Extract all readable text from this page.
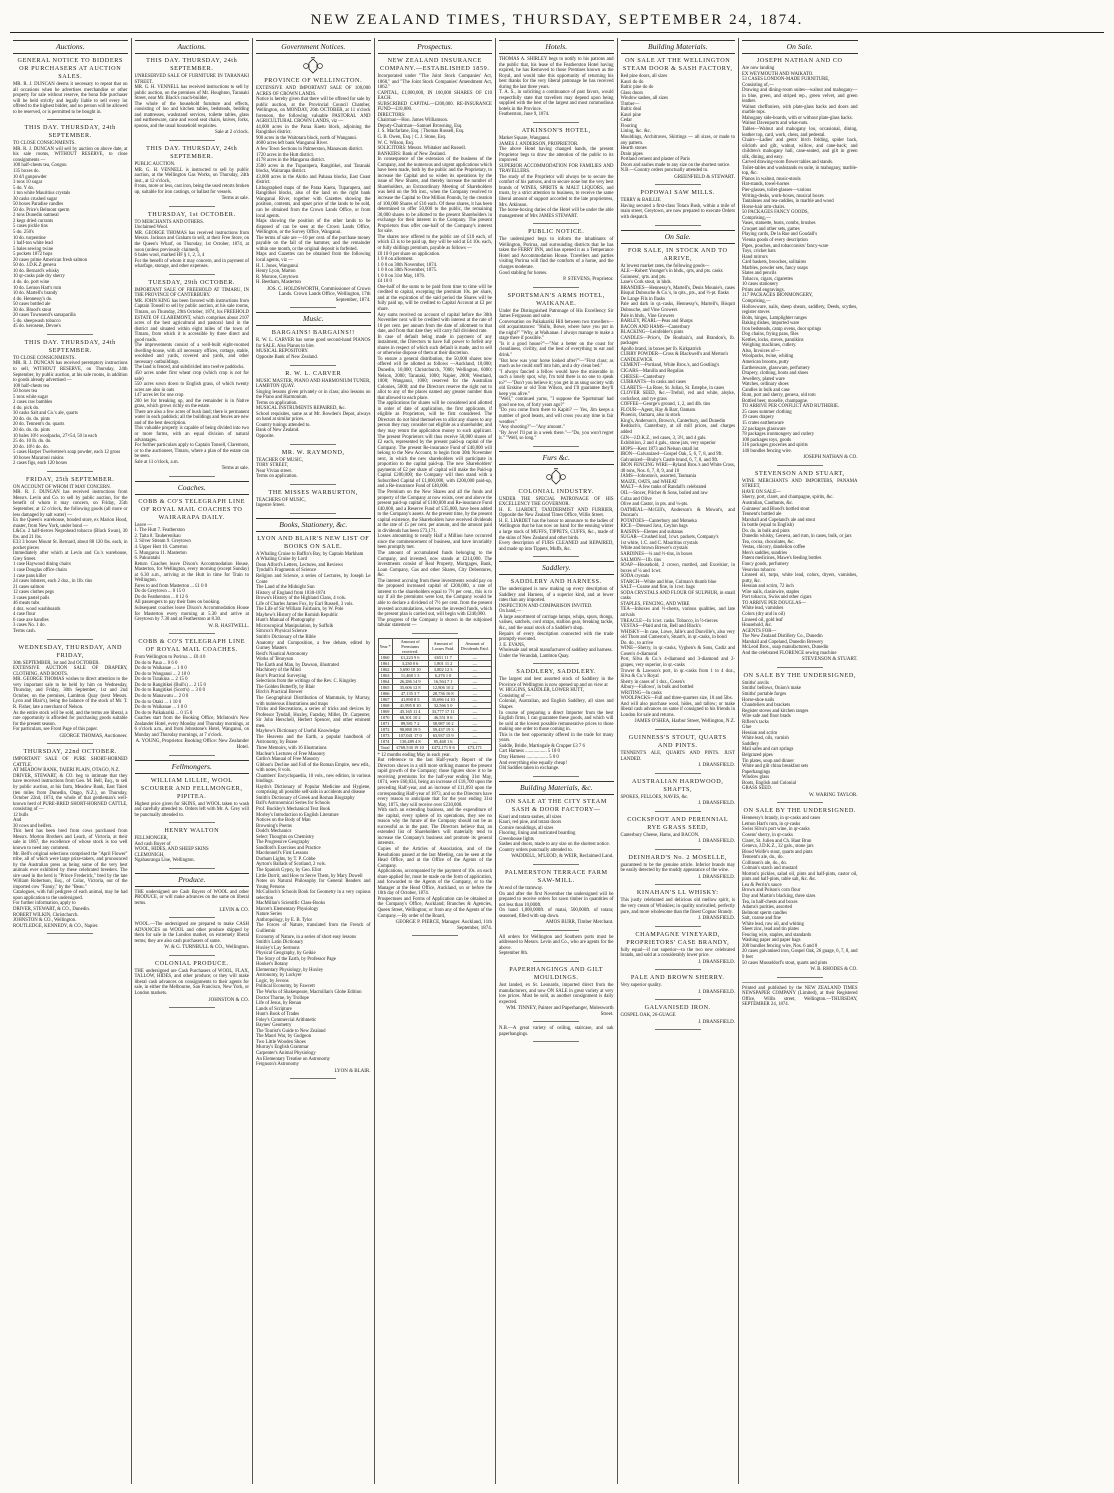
NEW ZEALAND TIMES, THURSDAY, SEPTEMBER 24, 1874.
Auctions.
GENERAL NOTICE TO BIDDERS OR PURCHASERS AT AUCTION SALES.
MR. R. J. DUNCAN deems it necessary to repeat that on all occasions when he advertises merchandise or other property for sale without reserve, the bona fide purchaser will be held strictly and legally liable to sell every lot offered to the highest bidder, and no person will be allowed to be reserved, or is permitted to be bought in.
THIS DAY. THURSDAY, 24th SEPTEMBER.
TO CLOSE CONSIGNMENTS.
MR. R. J. DUNCAN will sell by auction on above date, at his sale rooms, WITHOUT RESERVE, to close consignments —
100 half-chests tea, Congou
135 boxes do.
10 d/l gunpowder
3 tons 10 sugar
5 do. Y do.
1 ton white Mauritius crystals
30 casks crushed sugar
50 boxes Paradise candles
50 do. Price's Belmont sperm
2 tons Dunedin oatmeal
2 kegs dried currants
5 cases pickle tins
5 do. 250's
10 do. turpentine
1 half-ton white lead
5 bales sewing twine
5 pockets 1872 hops
20 cases prime American fresh salmon
50 do. J.D.K.Z geneva
10 do. Bernard's whisky
10 qr-casks pale dry sherry
4 do. do. port wine
10 do. Lemon Hart's rum
10 do. Martell's brandy
4 do. Hennessy's do.
50 cases bottled ale
30 do. Blood's stout
20 cases Townsend's sarsaparilla
5 do. sheepwash tobacco
45 do. kerosene, Devoe's
THIS DAY. THURSDAY, 24th SEPTEMBER.
TO CLOSE CONSIGNMENTS.
MR. R. J. DUNCAN has received peremptory instructions to sell, WITHOUT RESERVE, on Thursday, 24th September, by public auction, at his sale rooms, in addition to goods already advertised —
100 half-chests tea
50 boxes tea
5 tons white sugar
2 cases raw bambles
4 do. pick do.
30 casks Salt and Co.'s ale, quarts
20 do. do. do. pints
20 do. Tennent's do. quarts
20 do. do. do. pints
10 bales 10½ woolpacks, 27×54, 50 in each
25 do. 10 lb. do. do.
20 do. 10½ do. do.
5 cases Harper Twelvetree's soap powder, each 12 gross
10 boxes Macaroni raisins
2 cases figs, each 120 boxes
FRIDAY, 25th SEPTEMBER.
ON ACCOUNT OF WHOM IT MAY CONCERN.
MR. R. J. DUNCAN has received instructions from Messrs. Levin and Co. to sell by public auction, for the benefit of whom it may concern, on Friday, 25th September, at 12 o'clock, the following goods (all more or less damaged by salt water) —
Ex the Queen's warehouse, bonded store, ex Marion Hood, master, from New York, under bond —
L&Co. 2 half-tierces Negrohead tobacco (Black Swan), 30 lbs. and 21 lbs.
E33 3 boxes Mount St. Bernard, about 88 120 lbs. each, in pocket pieces
Immediately after which at Levin and Co.'s warehouse, Grey Street.
1 case Haywood dining chairs
1 case Douglas office chairs
1 case pans killer
24 cases lobsters, each 2 doz., in 1lb. tins
21 cases salmon
12 cases clothes pegs
3 cases pastel pails
46 meats tubs
4 doz. wood washboards
4 case flour
6 case axe handles
3 cases No. 1 do.
Terms cash.
WEDNESDAY, THURSDAY, AND FRIDAY,
30th SEPTEMBER, 1st and 2nd OCTOBER.
EXTENSIVE AUCTION SALE OF DRAPERY, CLOTHING, AND BOOTS.
MR. GEORGE THOMAS wishes to direct attention to the very important sale to be held by him on Wednesday, Thursday, and Friday, 30th September, 1st and 2nd October, on the premises, Lambton Quay (next Messrs. Lyon and Blair's), being the balance of the stock of Mr. T. R. Fisher, late a merchant of Nelson.
As the entire stock will be sold, and the terms are liberal, a rare opportunity is afforded for purchasing goods suitable for the present season.
For particulars, see Front Page of this paper.
GEORGE THOMAS, Auctioneer.
THURSDAY, 22nd OCTOBER.
IMPORTANT SALE OF PURE SHORT-HORNED CATTLE.
AT MEADOW BANK, TAIERI PLAIN, OTAGO, N.Z.
DRIVER, STEWART, & CO. beg to intimate that they have received instructions from Geo. M. Bell, Esq., to sell by public auction, at his farm, Meadow Bank, East Taieri (ten miles from Dunedin, Otago, N.Z.), on Thursday, October 22nd, 1874, the whole of that gentleman's well-known herd of PURE-BRED SHORT-HORNED CATTLE, consisting of —
12 bulls
And
30 cows and heifers.
This herd has been bred from cows purchased from Messrs. Morton Brothers and Leach, of Victoria, at their sale in 1867, the excellence of whose stock is too well known to need any comment.
Mr. Bell's original selections comprised the "April Flower" tribe, all of which were large prize-takers, and pronounced by the Australian press as being some of the very best animals ever exhibited by these celebrated breeders. The sire used in the herd is "Prince Frederick," bred by the late William Robertson, Esq., of Colac, Victoria, out of the imported cow "Fanny," by the "Beau."
Catalogues, with full pedigree of each animal, may be had upon application to the undersigned.
For further information, apply to
DRIVER, STEWART, & CO., Dunedin.
ROBERT WILKIN, Christchurch.
JOHNSTON & CO., Wellington.
ROUTLEDGE, KENNEDY, & CO., Napier.
Auctions.
THIS DAY. THURSDAY, 24th SEPTEMBER.
UNRESERVED SALE OF FURNITURE IN TARANAKI STREET.
MR. G. H. VENNELL has received instructions to sell by public auction, on the premises of Mr. Houghton, Taranaki Street, near Mr. Black's coach-builder,
The whole of the household furniture and effects, consisting of loo and kitchen tables, bedsteads, bedding and mattresses, washstand services, toilette tables, glass and earthenware, cane and wood seat chairs, knives, forks, spoons, and the usual household requisites.
Sale at 2 o'clock.
THIS DAY. THURSDAY, 24th SEPTEMBER.
PUBLIC AUCTION.
MR. G. H. VENNELL is instructed to sell by public auction, at the Wellington Gas Works, on Thursday, 24th inst., at 12 o'clock,
8 tons, more or less, cast iron, being the used retorts broken up, suitable for iron castings, or ballast for vessels.
Terms at sale.
THURSDAY, 1st OCTOBER.
TO MERCHANTS AND OTHERS.
Unclaimed Wool.
MR. GEORGE THOMAS has received instructions from Messrs. Jackson and Graham to sell, at their Free Store, on the Queen's Wharf, on Thursday, 1st October, 1874, at noon (unless previously claimed),
6 bales wool, marked HF § 1, 2, 3, 4
For the benefit of whom it may concern, and in payment of wharfage, storage, and other expenses.
TUESDAY, 29th OCTOBER.
IMPORTANT SALE OF FREEHOLD AT TIMARU, IN THE PROVINCE OF CANTERBURY.
MR. JOHN KING has been favored with instructions from Captain Tonsell to sell by public auction, at his sale rooms, Timaru, on Thursday, 29th October, 1874, his FREEHOLD ESTATE OF CLAREMONT, which comprises about 2107 acres of the best agricultural and pastoral land in the district and situated within eight miles of the town of Timaru, from which it is accessible by three direct and good roads.
The improvements consist of a well-built eight-roomed dwelling-house, with all necessary offices, cottage, stable, woolshed and yards, covered and yards, and other necessary outbuildings.
The land is fenced, and subdivided into twelve paddocks.
450 acres under first wheat crop (which crop is not for sale)
550 acres sown down to English grass, of which twenty acres are also in oats
147 acres let for one crop
200 let for breaking up, and the remainder is in Native grass, which grows richly on the estate.
There are also a few acres of bush land; there is permanent water in each paddock; all the buildings and fences are new and of the best description.
This valuable property is capable of being divided into two or more farms, with an equal division of natural advantages.
For further particulars apply to Captain Tonsell, Claremont, or to the auctioneer, Timaru, where a plan of the estate can be seen.
Sale at 11 o'clock, a.m.
Terms at sale.
Coaches.
COBB & CO'S TELEGRAPH LINE OF ROYAL MAIL COACHES TO WAIRARAPA DAILY.
Leave —
1. The Hutt 7. Featherston
2. Taita 8. Tauherenikau
3. Silver Stream 9. Greytown
4. Upper Hutt 10. Carterton
5. Mungaroa 11. Masterton
6. Pakuratahi
Return Coaches leave Dixon's Accommodation House, Masterton, for Wellington, every morning (except Sunday) at 6.30 a.m., arriving at the Hutt in time for Train to Wellington.
Fares to and from Masterton ... £1 0 0
Do do Greytown ... 0 15 0
Do do Featherston ... 0 12 6
All passengers to pay their fares on booking.
Subsequent coaches leave Dixon's Accommodation House for Masterton every morning at 5.30 and arrive at Greytown by 7.30 and at Featherston at 8.30.
W. R. HASTWELL.
COBB & CO'S TELEGRAPH LINE OF ROYAL MAIL COACHES.
From Wellington to Porirua ... £0 4 0
Do do to Paua ... 0 6 0
Do do to Waikanae ... 1 0 0
Do do to Wanganui ... 2 10 0
Do do to Turakina ... 2 15 0
Do do to Rangitikei (Bull's) ... 2 15 0
Do do to Rangitikei (Scott's) ... 3 0 0
Do do to Manawatu ... 2 0 0
Do do to Otaki ... 1 10 0
Do do to Waikanae ... 1 0 0
Do do to Paikakariki ... 0 15 0
Coaches start from the Booking Office, McIntosh's New Zealander Hotel, every Monday and Thursday mornings, at 6 o'clock a.m., and from Johnstone's Hotel, Wanganui, on Monday and Thursday mornings, at 7 o'clock.
A. YOUNG, Proprietor. Booking Office: New Zealander Hotel.
Fellmongers.
WILLIAM LILLIE, WOOL SCOURER AND FELLMONGER, PIPITEA.
Highest price given for SKINS, and WOOL taken to wash and carefully attended to. Orders left with Mr. A. Grey will be punctually attended to.
HENRY WALTON
FELLMONGER,
And cash Buyer of
WOOL, HIDES, AND SHEEP SKINS
CLEMONIGH,
Ngahauranga Line, Wellington.
Produce.
THE undersigned are Cash Buyers of WOOL and other PRODUCE, or will make advances on the same on liberal terms.
LEVIN & CO.
WOOL.—The undersigned are prepared to make CASH ADVANCES on WOOL and other produce shipped by them for sale in the London market, on extremely liberal terms; they are also cash purchasers of same.
W. & G. TURNBULL & CO., Wellington.
COLONIAL PRODUCE.
THE undersigned are Cash Purchasers of WOOL, FLAX, TALLOW, HIDES, and other produce; or they will make liberal cash advances on consignments to their agents for sale, in either the Melbourne, San Francisco, New York, or London markets.
JOHNSTON & CO.
Government Notices.
PROVINCE OF WELLINGTON.
EXTENSIVE AND IMPORTANT SALE OF 100,000 ACRES OF CROWN LANDS.
Notice is hereby given that there will be offered for sale by public auction, at the Provincial Council Chamber, Wellington, on MONDAY, 26th OCTOBER, at 11 o'clock forenoon, the following valuable PASTORAL AND AGRICULTURAL CROWN LANDS, viz —
44,000 acres in the Paraa Kaetu block, adjoining the Rangitikei district.
900 acres in the Waitotara block, north of Wanganui.
4600 acres left bank Wanganui River.
A few Town Sections in Palmerston, Manawatu district.
1720 acres in the Hutt district.
4178 acres in the Mangaroa district.
2500 acres in the Tuparapera, Rangitikei, and Taranaki blocks, Wairarapa district.
43,000 acres in the Akitio and Pahaua blocks, East Coast district.
Lithographed maps of the Paraa Kaetu, Tuparapera, and Rangitikei blocks, also of the land on the right bank Wanganui River, together with Gazettes showing the position, contents, and upset price of the lands to be sold, can be obtained from the Crown Lands Office, or from local agents.
Maps showing the position of the other lands to be disposed of can be seen at the Crown Lands Office, Wellington, or the Survey Office, Wanganui.
The terms of sale are —10 per cent. of the purchase money payable on the fall of the hammer, and the remainder within one month, or the original deposit is forfeited.
Maps and Gazettes can be obtained from the following local agents, viz —
H. I. Jones, Wanganui
Henry Lyon, Marton
R. Monroe, Greytown
H. Beetham, Masterton
JOS. C. HOLDSWORTH, Commissioner of Crown Lands. Crown Lands Office, Wellington, 17th September, 1874.
Music.
BARGAINS! BARGAINS!!
R. W. L. CARVER has some good second-hand PIANOS for SALE. Also Pianos to hire.
MUSICAL REPOSITORY.
Opposite Bank of New Zealand.
R. W. L. CARVER
MUSIC MASTER, PIANO AND HARMONIUM TUNER, LAMBTON QUAY.
Singing lessons given privately or in class; also lessons on the Piano and Harmonium.
Terms on application.
MUSICAL INSTRUMENTS REPAIRED, &c.
School requisites, same as at Mr. Bowden's Depot, always on hand at similar prices.
Country tunings attended to.
Bank of New Zealand.
Opposite.
MR. W. RAYMOND,
TEACHER OF MUSIC,
TORY STREET,
Near Vivian street.
Terms on application.
THE MISSES WARBURTON,
TEACHERS OF MUSIC,
Ingestre Street.
Books, Stationery, &c.
LYON AND BLAIR'S NEW LIST OF BOOKS ON SALE.
A Whaling Cruise to Baffin's Bay, by Captain Markham
A Whaling Cruise by Lord
Dean Alford's Letters, Lectures, and Reviews
Tyndall's Fragments of Science
Religion and Science, a series of Lectures, by Joseph Le Conte
The Land of the Midnight Sun
History of England from 1830-1874
Brown's History of the Highland Clans, 4 vols.
Life of Charles James Fox, by Earl Russell, 3 vols.
The Life of Sir William Fairbairn, by W. Pole
Mayhew's History of the Romish Republic
Hunt's Manual of Photography
Microscopical Manipulation, by Suffolk
Simcox's Physical Science
Smith's Dictionary of the Bible
Anatomy and Composition, a free debate, edited by Gurney Masters
Reid's Nautical Astronomy
Works of Tennyson
The Earth and Man, by Dawson, illustrated
Machinery of the Mind
Burr's Practical Surveying
Selections from the writings of the Rev. C. Kingsley
The Golden Butterfly, by Blair
Birch's Practical Brewer
The Geographical Distribution of Mammals, by Murray, with numerous illustrations and maps
Tricks and Recreations, a series of tricks and devices by Professor Tyndall, Huxley, Faraday, Miller, Dr. Carpenter, Sir John Herschell, Herbert Spencer, and other eminent men.
Mayhew's Dictionary of Useful Knowledge
The Heavens and the Earth, a popular handbook of Astronomy, by Boase
Three Memoirs, with 16 illustrations
Maclear's Lectures of Free Masonry
Catlin's Manual of Free Masonry
Gibbon's Decline and Fall of the Roman Empire, new edit., with notes, 8 vols.
Chambers' Encyclopaedia, 10 vols., new edition, in various bindings.
Haydn's Dictionary of Popular Medicine and Hygiene, comprising all possible self-aids in accidents and disease
Smith's Dictionary of Greek and Roman Biography
Ball's Astronomical Series for Schools
Prof. Buckley's Mechanical Text Book
Morley's Introduction to English Literature
Notices on the Body of Man
Browning's Poems
Dodd's Mechanics
Select Thoughts on Chemistry
The Progressive Geography
Sandford's Exercises and Practice
Macdonnell's First Lessons
Durham Lights, by T. P. Cobbe
Ayrton's Ballads of Scotland, 2 vols.
The Spanish Gypsy, by Geo. Eliot
Little Dorrit, and How to Serve Them, by Mary Dowell
Notes on Natural Philosophy for General Readers and Young Persons
McCulloch's Schools Book for Geometry in a very copious selection
MacMillan's Scientific Class-Books
Marcet's Elementary Physiology
Nature Series
Anthropology, by E. B. Tylor
The Forces of Nature, translated from the French of Guillemin
Economy of Nature, in a series of short easy lessons
Smith's Latin Dictionary
Huxley's Lay Sermons
Physical Geography, by Geikie
The Story of the Earth, by Professor Page
Hooker's Botany
Elementary Physiology, by Huxley
Astronomy, by Lockyer
Logic, by Jevons
Political Economy, by Fawcett
The Works of Shakespeare, Macmillan's Globe Edition
Doctor Thorne, by Trollope
Life of Jesus, by Renan
Lands of Scripture
Hunt's Book of Trades
Foley's Commercial Arithmetic
Baynes' Geometry
The Tourist's Guide to New Zealand
The Maori War, by Gudgeon
Two Little Wooden Shoes
Murray's English Grammar
Carpenter's Animal Physiology
An Elementary Treatise on Astronomy
Ferguson's Astronomy
LYON & BLAIR.
Prospectus.
NEW ZEALAND INSURANCE COMPANY.—ESTABLISHED 1859.
Incorporated under "The Joint Stock Companies' Act, 1860," and "The Joint Stock Companies' Amendment Act, 1862."
CAPITAL, £1,000,000, IN 100,000 SHARES OF £10 EACH.
SUBSCRIBED CAPITAL—£200,000. RE-INSURANCE FUND—£10,000.
DIRECTORS:
Chairman—Hon. James Williamson.
Deputy-Chairman—Samuel Browning, Esq.
J. S. Macfarlane, Esq. | Thomas Russell, Esq.
G. B. Owen, Esq. | C. J. Stone, Esq.
W. C. Wilson, Esq.
SOLICITORS: Messrs. Whitaker and Russell.
BANKERS: Bank of New Zealand.
In consequence of the extension of the business of the Company, and the numerous and urgent applications which have been made, both by the public and the Proprietary, to increase the Capital and so widen its operations by the issue of New Shares, and thereby increase the number of Shareholders, an Extraordinary Meeting of Shareholders was held on the 9th inst., when the Company resolved to increase the Capital to One Million Pounds, by the creation of 100,000 Shares of £10 each. Of these shares, it has been determined to offer 50,000 to the public, the remaining 30,000 shares to be allotted to the present Shareholders in exchange for their interest in the Company. The present Proprietors thus offer one-half of the Company's interest for sale.
The shares now offered to the public are of £10 each, of which £3 is to be paid up, they will be sold at £4 10s. each, or fully shillings premium, payable as follows —
£0 10 0 per share on application.
1 0 0 on allotment.
1 0 0 on 30th November, 1874.
1 0 0 on 30th November, 1875.
1 0 0 on 31st May, 1876.
£4 10 0
One-half of the sums to be paid from time to time will be credited to capital, excepting the premium 10s. per share, and at the expiration of the said period the Shares will be fully paid up, will be credited to Capital Account at £2 per share.
Any sums received on account of capital before the 30th November next will be credited with interest at the rate of 10 per cent. per annum from the date of allotment to that date, and from that date they will carry full dividend rate.
In case of default being made in payment of any instalment, the Directors to have full power to forfeit any shares in respect of which such default is made, and to sell or otherwise dispose of them at their discretion.
To ensure a general distribution, the 50,000 shares now offered will be allotted as follows —Auckland, 10,000; Dunedin, 10,000; Christchurch, 7000; Wellington, 6000; Nelson, 2000; Taranaki, 1000; Napier, 2000; Westland, 1000; Wanganui, 1000; reserved for the Australian Colonies, 5000; and the Directors reserve the right not to allot to any of the places named any greater number than that allowed to each place.
The applications for shares will be considered and allotted in order of date of application, the first applicants, if eligible as Proprietors, will be first considered. The Directors do not bind themselves to allot any shares to any person they may consider not eligible as a shareholder, and they may return the application money to such applicant. The present Proprietors will thus receive 50,000 shares of £2 each, represented by the present paid-up capital of the Company. The present Re-insurance Fund of £40,000 will belong to the New Account, to begin from 30th November next, in which the new shareholders will participate in proportion to the capital paid-up. The new Shareholders' payments of £2 per share of capital will make the Paid-up Capital £200,000; the Company will then stand with a Subscribed Capital of £1,000,000, with £200,000 paid-up, and a Re-insurance Fund of £40,000.
The Premium on the New Shares and all the funds and property of the Company at now exists, over and above the present paid-up capital of £100,000 and Re-insurance Fund £40,000, and a Reserve Fund of £35,000, have been added to the Company's assets. At the present time, by the present capital existence, the Shareholders have received dividends at the rate of 15 per cent. per annum, and the amount paid in dividends has been £73,171.
Losses amounting to nearly Half a Million have occurred since the commencement of business, and have invariably been promptly met.
The amount of accumulated funds belonging to the Company, and invested, now stands at £214,000. The investments consist of Real Property, Mortgages, Bank, Loan Company, Gas and other Shares, City Debentures, &c.
The interest accruing from these investments would pay on the proposed increased capital of £200,000, a rate of interest to the shareholders equal to 7½ per cent., this is to say if all the premiums were lost, the Company would be able to declare a dividend of 7½ per cent. from the present invested accumulations, whereas the invested funds, which the present plan is carried out, will begin with £240,000.
The progress of the Company is shown in the subjoined tabular statement —
Year.*	Amount of Premiums received.	Amount of Losses Paid.	Amount of Dividends Paid.
1860	£1,223 9 6	£651 11 7	—
1861	3,230 0 6	1,801 11 2	—
1862	5,690 18 10	3,802 12 3	—
1863	11,468 1 3	6,276 1 0	—
1864	26,286 14 9	16,564 7 1	—
1865	35,606 12 8	12,806 10 2	—
1866	47,135 3 7	28,736 16 8	—
1867	41,890 8 5	35,696 14 10	—
1868	41,995 8 10	32,566 5 0	—
1869	45,165 11 4	33,777 17 11	—
1870	68,301 10 2	46,551 8 6	—
1871	89,581 7 2	58,987 10 2	—
1872	98,888 19 5	59,437 19 3	—
1873	107,041 17 0	63,937 15 9	—
1874	130,489 4 8	85,468 1 6	—
Total	£768,530 19 10	£472,171 8 6	£73,171
* 12 months ending May in each year.
But reference to the last Half-yearly Report of the Directors shows in a still more striking manner the present rapid growth of the Company; those figures show it to be receiving premiums for the half-year ending 31st May, 1874, were £60,834, being an increase of £18,700 upon the preceding Half-year, and an increase of £11,093 upon the corresponding Half-year of 1873, and so the Directors have every reason to anticipate that for the year ending 31st May, 1875, they will receive over £230,000.
With such an extending business, and the expenditure of the capital, every sphere of its operations, they see no reason why the future of the Company should not be as successful as in the past. The Directors believe that, an extended list of Shareholders will materially tend to increase the Company's business and promote its general interests.
Copies of the Articles of Association, and of the Resolutions passed at the last Meeting, can be seen at the Head Office, and at the Office of the Agents of the Company.
Applications, accompanied by the payment of 10s. on each share applied for, must be made on the form of application, and forwarded to the Agents of the Company, or to the Manager at the Head Office, Auckland, on or before the 10th day of October, 1874.
Prospectuses and Forms of Application can be obtained at the Company's Office, Auckland; Branches & Agencies, Queen Street, Wellington; or from any of the Agents of the Company.—By order of the Board,
GEORGE P. PIERCE, Manager. Auckland, 11th September, 1874.
Hotels.
THOMAS A. SHIRLEY begs to notify to his patrons and the public that, his lease of the Featherston Hotel having expired, he has Removed to those Premises known as the Royal, and would take this opportunity of returning his best thanks for the very liberal patronage he has received during the last three years.
T. A. S., in soliciting a continuance of past favors, would respectfully state that travellers may depend upon being supplied with the best of the largest and most commodious hotels in the Province.
Featherston, June 9, 1874.
ATKINSON'S HOTEL,
Market Square, Wanganui.
JAMES J. ANDERSON, PROPRIETOR.
The above Hotel having changed hands, the present Proprietor begs to draw the attention of the public to its improved
SUPERIOR ACCOMMODATION FOR FAMILIES AND TRAVELLERS.
The study of the Proprietor will always be to secure the comfort of his patrons, and to secure none but the very best brands of WINES, SPIRITS & MALT LIQUORS, and trusts, by a strict attention to business, to receive the same liberal amount of support accorded to the late proprietress, Mrs. Atkinson.
The horse-boxing duties of the Hotel will be under the able management of Mrs JAMES STEWART.
PUBLIC NOTICE.
The undersigned begs to inform the inhabitants of Wellington, Porirua, and surrounding districts that he has taken the FERRY INN, and has opened it as a Temperance Hotel and Accommodation House. Travellers and parties visiting Porirua will find the comforts of a home, and the charges moderate.
Good stabling for horses.
P. STEVENS, Proprietor.
SPORTSMAN'S ARMS HOTEL, WAIKANAE.
Under the Distinguished Patronage of His Excellency Sir James Fergusson and suite.
Conversation on Paikakariki Hill between two travellers—old acquaintances: "Hullo, Bowe, where have you put in the night?" "Why, at Waikanae. I always manage to make a stage there if possible."
"Is it a good house?"—"Not a better on the coast for cleanliness, civility, and the best of everything to eat and drink."
"But how was your horse looked after?"—"First class; as much as he could stuff into him, and a dry clean bed."
"I always fancied a fellow would have the miserable in such a lonely spot, why, I'm told there is no one to speak to?"—"Don't you believe it; you get in as snug society with old Erskine or old Tom Wilson, and I'll guarantee they'll keep you alive."
"Well," continued yarns, "I suppose the 'Sportsman' had good one too, of forty years ago?"
"Do you come from there to Kapiti? — Yes, Jim keeps a number of good beasts, and will cross you any time in fair weather."
"Any shooting?"—"Any amount."
"By Jove! I'll put in a week there."—"Do, you won't regret it." "Well, so long."
Furs &c.
COLONIAL INDUSTRY.
UNDER THE SPECIAL PATRONAGE OF HIS EXCELLENCY THE GOVERNOR.
H. E. LIARDET, TAXIDERMIST AND FURRIER, Opposite the New Zealand Times Office, Willis Street.
H. E. LIARDET has the honor to announce to the ladies of Wellington that he has now on hand for the ensuing winter a large stock of MUFFS, TIPPETS, CUFFS, &c., made of the skins of New Zealand and other birds.
Every description of FURS CLEANED and REPAIRED, and made up into Tippets, Muffs, &c.
Saddlery.
SADDLERY AND HARNESS.
The undersigned is now making up every description of Saddlery and Harness, of a superior kind, and at lower rates than any imported.
INSPECTION AND COMPARISON INVITED.
On hand,—
A large assortment of carriage lamps, whips, spurs, thongs, valises, satchels, cord straps, stallion gear, breaking tackle, &c., and the usual stock of a Saddler's shop.
Repairs of every description connected with the trade promptly executed.
J. E. EVANS,
Wholesale and retail manufacturer of saddlery and harness.
Under the Verandah, Lambton Quay.
SADDLERY, SADDLERY.
The largest and best assorted stock of Saddlery in the Province of Wellington is now opened up and on view at
W. HIGGINS, SADDLER, LOWER HUTT,
Consisting of —
Colonial, Australian, and English Saddlery, all sizes and Shapes
In course of preparing a direct Importer from the best English firms, I can guarantee these goods, and which will be sold at the lowest possible remunerative prices to those making one order to those coming in.
This is the best opportunity offered in the trade for many years.
Saddle, Bridle, Martingale & Crupper £3 7 6
Cart Harness .................. 5 10 0
Dray Harness .................. 5 0 0
And everything else equally cheap!
Old Saddles taken in exchange.
Building Materials, &c.
ON SALE AT THE CITY STEAM SASH & DOOR FACTORY—
Kauri and totara sashes, all sizes
Kauri, red pine, and totara doors
Cornice mouldings, all sizes
Flooring, lining and rusticated boarding
Greenhouse lights
Sashes and doors, made to any size on the shortest notice.
Country orders punctually attended to.
WADDELL, M'LEOD, & WEIR, Reclaimed Land.
PALMERSTON TERRACE FARM SAW-MILL.
At end of the tramway.
On and after the first November the undersigned will be prepared to receive orders for sawn timber in quantities of not less than 10,000ft.
On hand 1,000,000ft. of matai, 500,000ft. of totara; seasoned, filled with sap down.
AMOS BURR, Timber Merchant.
All orders for Wellington and Southern ports must be addressed to Messrs. Levin and Co., who are agents for the above.
September 8th.
PAPERHANGINGS AND GILT MOULDINGS.
Just landed, ex St. Leonards, imported direct from the manufacturers, and now ON SALE in great variety at very low prices. Must be sold, as another consignment is daily expected.
WM. TINNEY, Painter and Paperhanger, Molesworth Street.
N.B.—A great variety of ceiling, staircase, and oak paperhangings.
Building Materials.
ON SALE AT THE WELLINGTON STEAM DOOR & SASH FACTORY,
Red pine doors, all sizes
Kauri do do
Baltic pine do do
Glass doors
Window sashes, all sizes
Timber—
Baltic deal
Kauri pine
Cedar
Flooring
Lining, &c. &c.
Mouldings, Architraves, Skirtings — all sizes, or made to any pattern.
Hearth stones
Drain pipes
Portland cement and plaster of Paris
Doors and sashes made to any size on the shortest notice.
N.B.—Country orders punctually attended to.
GREENFIELD & STEWART.
POPOWAI SAW MILLS.
TERRY & BAILLIE
Having secured a first-class Totara Bush, within a mile of main street, Greytown, are now prepared to execute Orders with despatch.
On Sale.
FOR SALE, IN STOCK AND TO ARRIVE,
At lowest market rates, the following goods—
ALE—Robert Younger's in hhds., qrts, and pts. casks
Guinness', qrts. and pts.
Lane's Cork stout, in hhds.
BRANDIES—Hennessy's, Martell's, Denis Mounie's, cases
Bisquit Dubouche & Co.'s, in qrts., pts., and ½-pt. flasks
De Lange Fils in flasks
Pale and dark in qr.-casks, Hennessy's, Martell's, Bisquit Dubouche, and Vine Growers
Pale in hhds., Vine Growers
BARLEY, PEARL—Peas and Sharps
BACON AND HAMS—Canterbury
BLACKING—Leinfelder's pints
CANDLES—Price's, De Roubaix's, and Brandon's, lb. packages
Apollo brand, in boxes per lb. Kirkpatrick
CURRY POWDER—Cross & Blackwell's and Merton's
CANDLEWICK
CEMENT—Portland, White Bros.'s, and Gostling's
CIGARS—Manilla and Regalias
CHEESE—Canterbury
CURRANTS—In casks and cases
CLARETS—La Rose, St. Julian, St. Estephe, in cases
CLOVER SEED, &c.—Trefoil, red and white, alsyke, cocksfoot, and rye grass
COFFEE—George's ground, 1, 2, and 4lb. tins
FLOUR—Agent, Hay & Barr, Oamaru
Phoenix, Oamaru, also in stock
King's, Anderson's, Brown's, Canterbury, and Dunedin
Reddoch's, Canterbury, at all mill prices, and charges added
GIN—J.D.K.Z., red cases, 3, 3½, and 4 gals.
Exhibition, 2 and 4 gals., stone jars, very superior
HOPS—Kent 1873 and Nelson small lot
IRON—Galvanized—Gospel Oak, 5, 6, 7, 8, and 9ft.
Galvanized—Braby's Castle brand, 6, 7, 8, and 9ft.
IRON FENCING WIRE—Ryland Bros.'s and White Cross, 40 tons, Nos. 6, 7, 8, 9, and 10
JAMS—Johnston's, assorted, Tasmania
MAIZE, OATS, and WHEAT
MALT—A few tanks of Randall's celebrated
OIL—Stocer, Pilcher & Sons, boiled and raw
Colza and Olive
Olive and Castor, in pts. and ¼-pts.
OATMEAL—McGill's, Anderson's & Mowat's, and Duncan's
POTATOES—Canterbury and Motueka
RICE—Dressed Java, Ceylon bags
RAISINS—Elemes and sultanas
SUGAR—Crushed loaf, 1cwt. packets, Company's
1st white, 1.C. and C. Mauritius crystals
White and brown Brewer's crystals
SARDINES—¼ and ½-tins, in boxes
SALMON—1lb. tins
SOAP—Household, 2 crown, mottled, and Excelsior, in boxes of ¼ and 1cwt.
SODA crystals
STARCH—White and blue, Colman's thumb blue
SALT—Coarse and fine, in 1cwt. bags
SODA CRYSTALS AND FLOUR OF SULPHUR, in small casks
STAPLES, FENCING, AND WIRE
TEA—Inboxes and ½-chests, various qualities, and late arrivals
TREACLE—In 1cwt. casks. Tobacco, in ½-tierces
VESTAS—Plaid and tin, Bell and Black's
WHISKY—In case, Lowe, Jalle's and Dunville's, also very old Thom and Cameron's, Stuart's, in qr.-casks, in bond
Do. do., to arrive
WINE—Sherry, in qr.-casks, Vyghen's & Sons, Cadiz and Cosen's 4-diamond
Port, Silva & Co.'s 4-diamond and 3-diamond and 2-grapes, very superior, in qr.-casks
Trower & Lawson's port, in qr.-casks from 1 to 4 doz., Silva & Co.'s Royal
Sherry in cases of 1 doz., Cosen's
Albury—Fallows', in bulk and bottled
WRITING—In casks
WOOLPACKS—Full and three-quarters size, 10 and 5lbs.
And will also purchase wool, hides, and tallow; or make liberal cash advances on same if consigned to his friends in London for sale and returns.
JAMES O'SHEA, Harbor Street, Wellington, N.Z.
GUINNESS'S STOUT, QUARTS AND PINTS.
TENNENT'S ALE, QUARTS AND PINTS. JUST LANDED.
J. DRANSFIELD.
AUSTRALIAN HARDWOOD, SHAFTS,
SPOKES, FELLOES, NAVES, &c.
J. DRANSFIELD.
COCKSFOOT AND PERENNIAL RYE GRASS SEED,
Canterbury Cheese, Hams, and BACON.
J. DRANSFIELD.
DEINHARD'S No. 2 MOSELLE,
guaranteed to be the genuine article. Inferior brands may be easily detected by the muddy appearance of the wine.
J. DRANSFIELD.
KINAHAN'S LL WHISKY:
This justly celebrated and delicious old mellow spirit, is the very cream of Whiskies; in quality unrivalled, perfectly pure, and more wholesome than the finest Cognac Brandy.
J. DRANSFIELD.
CHAMPAGNE VINEYARD, PROPRIETORS' CASE BRANDY,
fully equal—if not superior—to the two new celebrated brands, and sold at a considerably lower price.
J. DRANSFIELD.
PALE AND BROWN SHERRY.
Very superior quality.
J. DRANSFIELD.
GALVANISED IRON.
GOSPEL OAK, 26-GUAGE
J. DRANSFIELD.
On Sale.
JOSEPH NATHAN AND CO
Are now landing
EX WEYMOUTH AND WAIKATO.
53 CASES LONDON-MADE FURNITURE,
Consisting of,—
Drawing and dining-room suites—walnut and mahogany—in blue, green, and striped rep., green velvet, and green leather.
Walnut cheffoniers, with plate-glass backs and doors and marble tops.
Mahogany side-boards, with or without plate-glass backs.
Walnut Davenports and what-nots.
Tables—Walnut and mahogany loo, occasional, dining, leather top, card, work, chess, and pedestal.
Chairs—Ladies' and gents' birch folding, spider back, oilcloth and gilt, walnut, willow, and cane-back; and children's mahogany hall, cane-seated, and gilt in green silk, dining, and easy.
Carved drawing-room flower tables and stands.
Toilet-tables and washstands en suite, in mahogany, marble-top, &c.
Pianos in walnut, music-stools
Hat-stands, towel-horses
Pier-glasses, toilet-glasses—various
Writing-desks, work-boxes, musical boxes
Tantaluses and tea-caddies, in marble and wood
Horse-hair arm-chairs.
50 PACKAGES FANCY GOODS,
Comprising,—
Vases, statuette, busts, combs, brushes
Croquet and other sets, games
Playing cards, De la Rue and Goodall's
Vienna goods of every description
Pipes, pouches, and tobacconists' fancy-ware
Toys, cricket bats
Hand mirrors
Card baskets, brooches, solitaires
Marbles, powder sets, fancy soaps
Slates and pencils
Tobacco, cigars, cigarettes
10 cases stationery
Prints and engravings.
317 PACKAGES IRONMONGERY,
Comprising,—
Hollowware, nails, sheep shears, saddlery, Deeds, scythes, register stoves
Bolts, hinges, Lamplighter ranges
Baking dishes, imported ware
Iron bedsteads, camp ovens, door springs
Dog chains, frying pans, files
Kettles, locks, stoves, pannikins
Weighing machines, cutlery.
Also, Invoices of—
Woolpacks, twine, whiting
American brooms, putty
Earthenware, glassware, perfumery
Drapery, clothing, boots and shoes
Jewellery, plated ware
Watches, ordinary shoes
Candles in bulk and case
Rum, port and sherry, geneva, old tom
Bottled beer, moselle, champagne.
TO ARRIVE PER CONFLICT AND RUTHERIE.
25 cases summer clothing
19 cases drapery
15 crates earthenware
22 packages glassware
78 packages ironmongery and cutlery
100 packages toys, goods
316 packages groceries and spirits
140 bundles fencing wire.
JOSEPH NATHAN & CO.
STEVENSON AND STUART,
WINE MERCHANTS AND IMPORTERS, PANAMA STREET,
HAVE ON SALE—
Sherry, port, claret, and champagne, spirits, &c.
Australian, Cauthunts, &c.
Guinness' and Blood's bottled stout
Tennent's bottled ale
Marshall and Copeland's ale and stout
In bottle (equal to English)
Do. do. in bulk and pints
Dunedin whisky, Geneva, and rum, in cases, bulk, or jars
Tea, cocoa, chocolates, &c.
Vestas, chicory, dandelion coffee
Men's saddles, sundries
Patent medicines, Mawe's feeding bottles
Fancy goods, perfumery
Vesuvius tobacco
Linseed oil, turps, white lead, colors, dryers, varnishes, putty, &c.
Hessian and scrim, 72 inch
Wire nails, clasinwire, staples
Port tobacco, Swiss and other cigars
TO ARRIVE PER DOUGLAS—
White lead, varnishes
Colors (dry and in oil)
Linseed oil, gold leaf
Household, &c.
AGENTS FOR—
The New Zealand Distillery Co., Dunedin
Marshall and Copeland, Dunedin Brewery
McLeod Bros., soap manufacturers, Dunedin
And the celebrated FLORENCE sewing machine
STEVENSON & STUART.
ON SALE BY THE UNDERSIGNED,
Smiths' anvils
Smiths' bellows, Onion's make
Smiths' portable forges
Horse-shoe nails
Chandeliers and brackets
Register stoves and kitchen ranges
Wire safe and floor brads
Riflers's tacks
Glue
Hessian and scrim
White lead, oils, varnish
Saddlery
Mail safes and cart springs
Belgrazed pipes
Tin plates, soup and dinner
White and gilt china breakfast sets
Paperhangings
Window glass
Boots, English and Colonial
GRASS SEED.
W. WARING TAYLOR.
ON SALE BY THE UNDERSIGNED.
Hennessy's brandy, in qr-casks and cases
Lemon Hart's rum, in qr-casks
Swiss Silva's port wine, in qr-casks
Cosens' sherry, in qr-casks
Claret, St. Julien and Ch. Haut Brun
Geneva, J.D.K.Z., 32 gals., stone jars
Blood Wolfe's stout, quarts and pints
Tennent's ale, do., do.
Collinson's ale, do., do.
Colman's starch and mustard
Morton's pickles, salad oil, pints and half-pints, castor oil, pints and half-pints, table salt, &c. &c.
Lea & Perrin's sauce
Brown and Polson's corn flour
Day and Martin's blacking, three sizes
Tea, in half-chests and boxes
Adams's purities, assorted
Belmont sperm candles
Salt, coarse and fine
White lead, raw oil, and whiting
Sheet zinc, lead and tin plates
Fencing wire, staples, and standards
Washing paper and paper bags
200 bundles fencing wire, Nos. 6 and 8
20 cases galvanised iron, Gospel Oak, 26 guage, 6, 7, 8, and 9 feet
50 cases Musseldorf's stout, quarts and pints
W. B. RHODES & CO.
Printed and published by the NEW ZEALAND TIMES NEWSPAPER COMPANY (Limited), at their Registered Office, Willis street, Wellington.—THURSDAY, SEPTEMBER 24, 1874.
